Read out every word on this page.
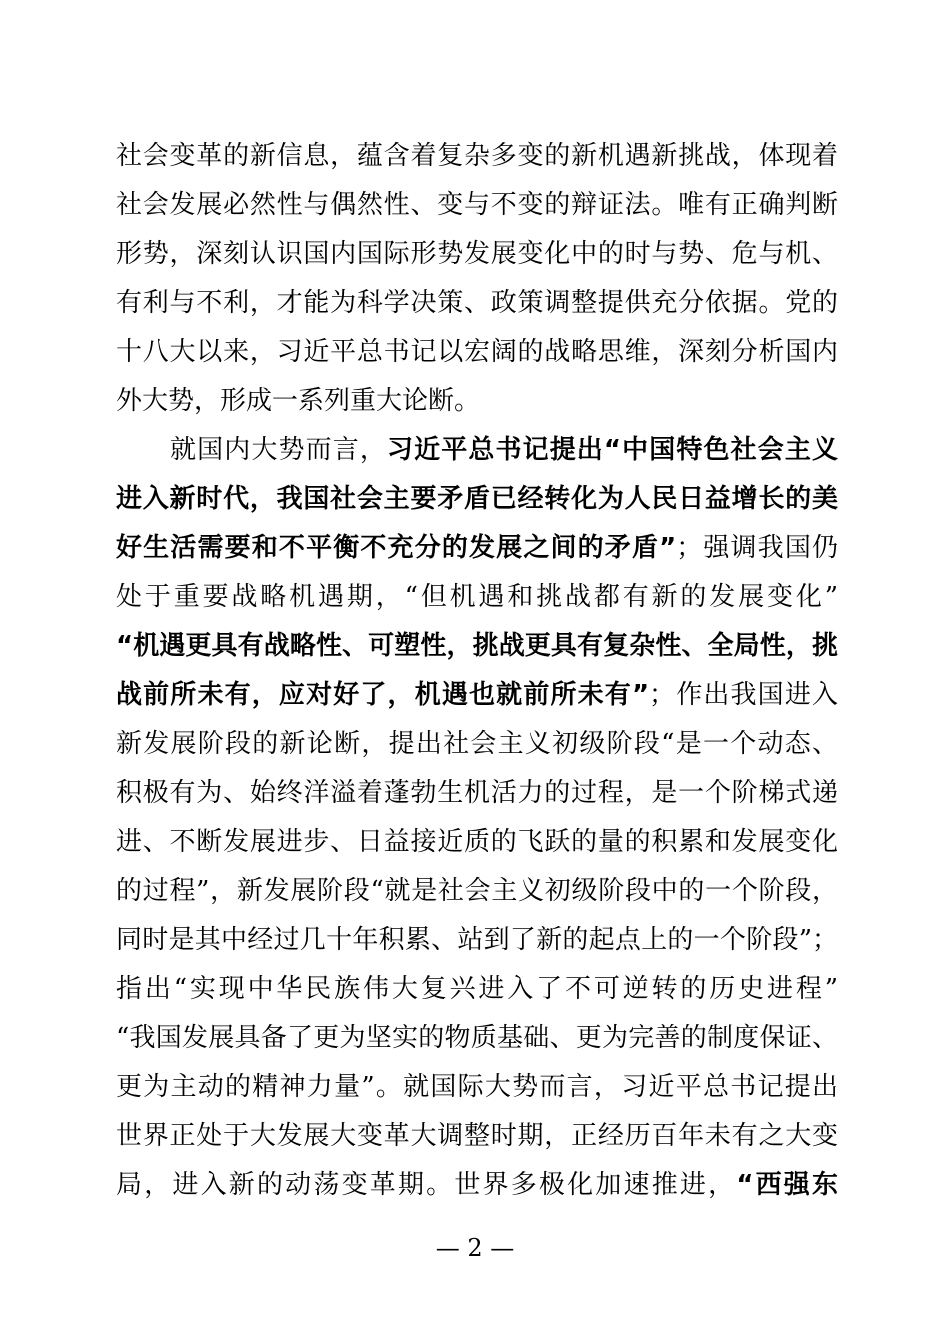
社会变革的新信息，蕴含着复杂多变的新机遇新挑战，体现着
社会发展必然性与偶然性、变与不变的辩证法。唯有正确判断
形势，深刻认识国内国际形势发展变化中的时与势、危与机、
有利与不利，才能为科学决策、政策调整提供充分依据。党的
十八大以来，习近平总书记以宏阔的战略思维，深刻分析国内
外大势，形成一系列重大论断。
就国内大势而言，习近平总书记提出“中国特色社会主义
进入新时代，我国社会主要矛盾已经转化为人民日益增长的美
好生活需要和不平衡不充分的发展之间的矛盾”；强调我国仍
处于重要战略机遇期，“但机遇和挑战都有新的发展变化”
“机遇更具有战略性、可塑性，挑战更具有复杂性、全局性，挑
战前所未有，应对好了，机遇也就前所未有”；作出我国进入
新发展阶段的新论断，提出社会主义初级阶段“是一个动态、
积极有为、始终洋溢着蓬勃生机活力的过程，是一个阶梯式递
进、不断发展进步、日益接近质的飞跃的量的积累和发展变化
的过程”，新发展阶段“就是社会主义初级阶段中的一个阶段，
同时是其中经过几十年积累、站到了新的起点上的一个阶段”；
指出“实现中华民族伟大复兴进入了不可逆转的历史进程”
“我国发展具备了更为坚实的物质基础、更为完善的制度保证、
更为主动的精神力量”。就国际大势而言，习近平总书记提出
世界正处于大发展大变革大调整时期，正经历百年未有之大变
局，进入新的动荡变革期。世界多极化加速推进，“西强东
— 2 —
